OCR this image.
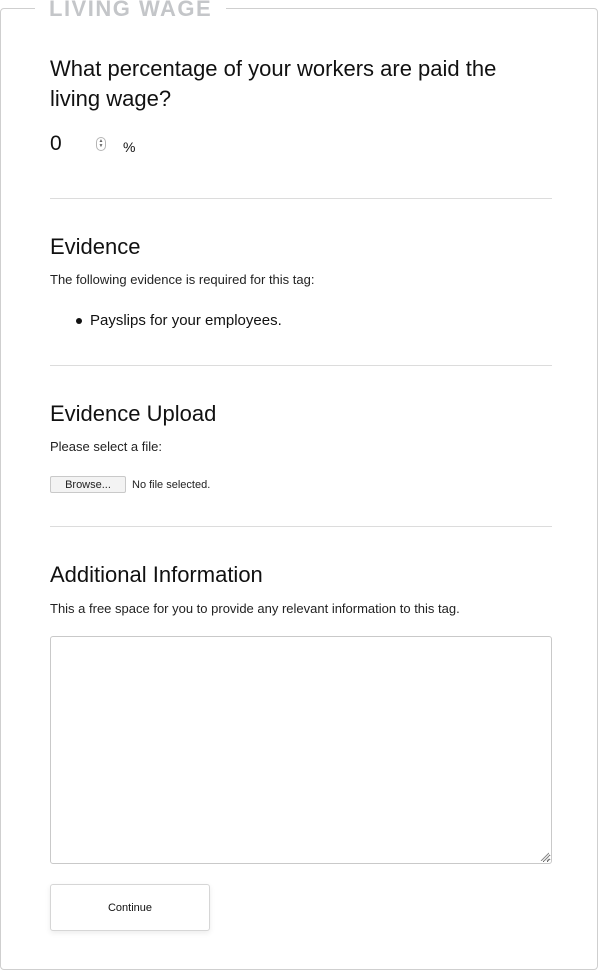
LIVING WAGE
What percentage of your workers are paid the living wage?
0	▲
▼ %
Evidence

The following evidence is required for this tag:

Payslips for your employees.
Evidence Upload

Please select a file:

Browse...	No file selected.
Additional Information

This a free space for you to provide any relevant information to this tag.

Continue
